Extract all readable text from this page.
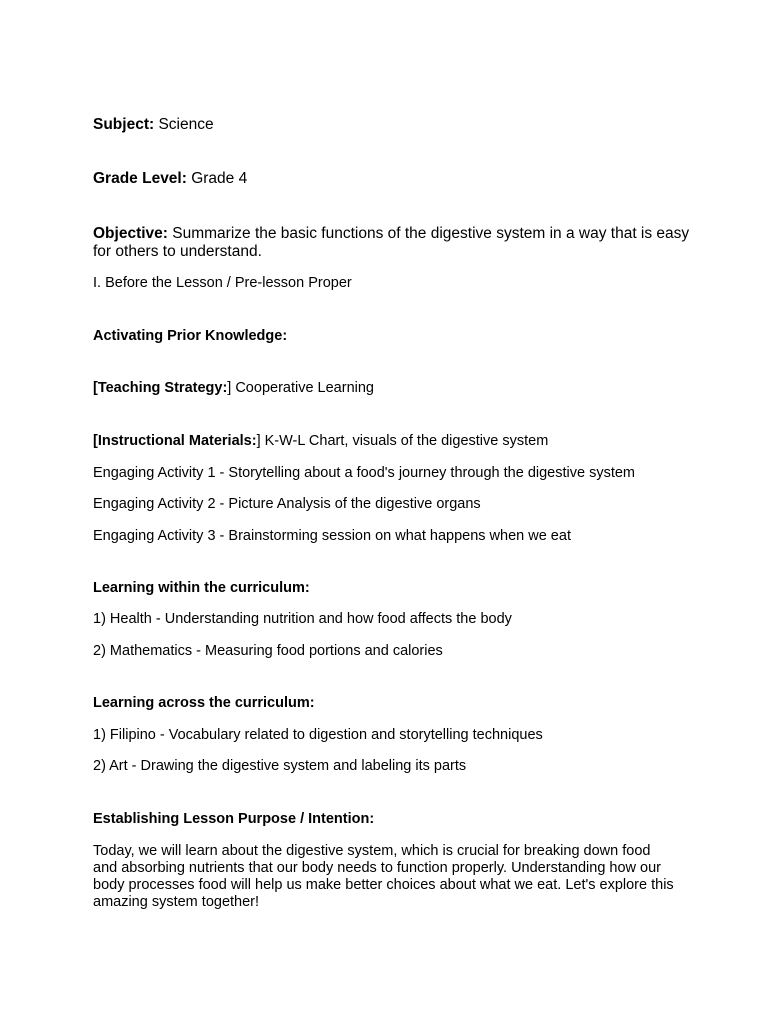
Subject: Science
Grade Level: Grade 4
Objective: Summarize the basic functions of the digestive system in a way that is easy for others to understand.
I. Before the Lesson / Pre-lesson Proper
Activating Prior Knowledge:
[Teaching Strategy:] Cooperative Learning
[Instructional Materials:] K-W-L Chart, visuals of the digestive system
Engaging Activity 1 - Storytelling about a food's journey through the digestive system
Engaging Activity 2 - Picture Analysis of the digestive organs
Engaging Activity 3 - Brainstorming session on what happens when we eat
Learning within the curriculum:
1) Health - Understanding nutrition and how food affects the body
2) Mathematics - Measuring food portions and calories
Learning across the curriculum:
1) Filipino - Vocabulary related to digestion and storytelling techniques
2) Art - Drawing the digestive system and labeling its parts
Establishing Lesson Purpose / Intention:
Today, we will learn about the digestive system, which is crucial for breaking down food and absorbing nutrients that our body needs to function properly. Understanding how our body processes food will help us make better choices about what we eat. Let's explore this amazing system together!
